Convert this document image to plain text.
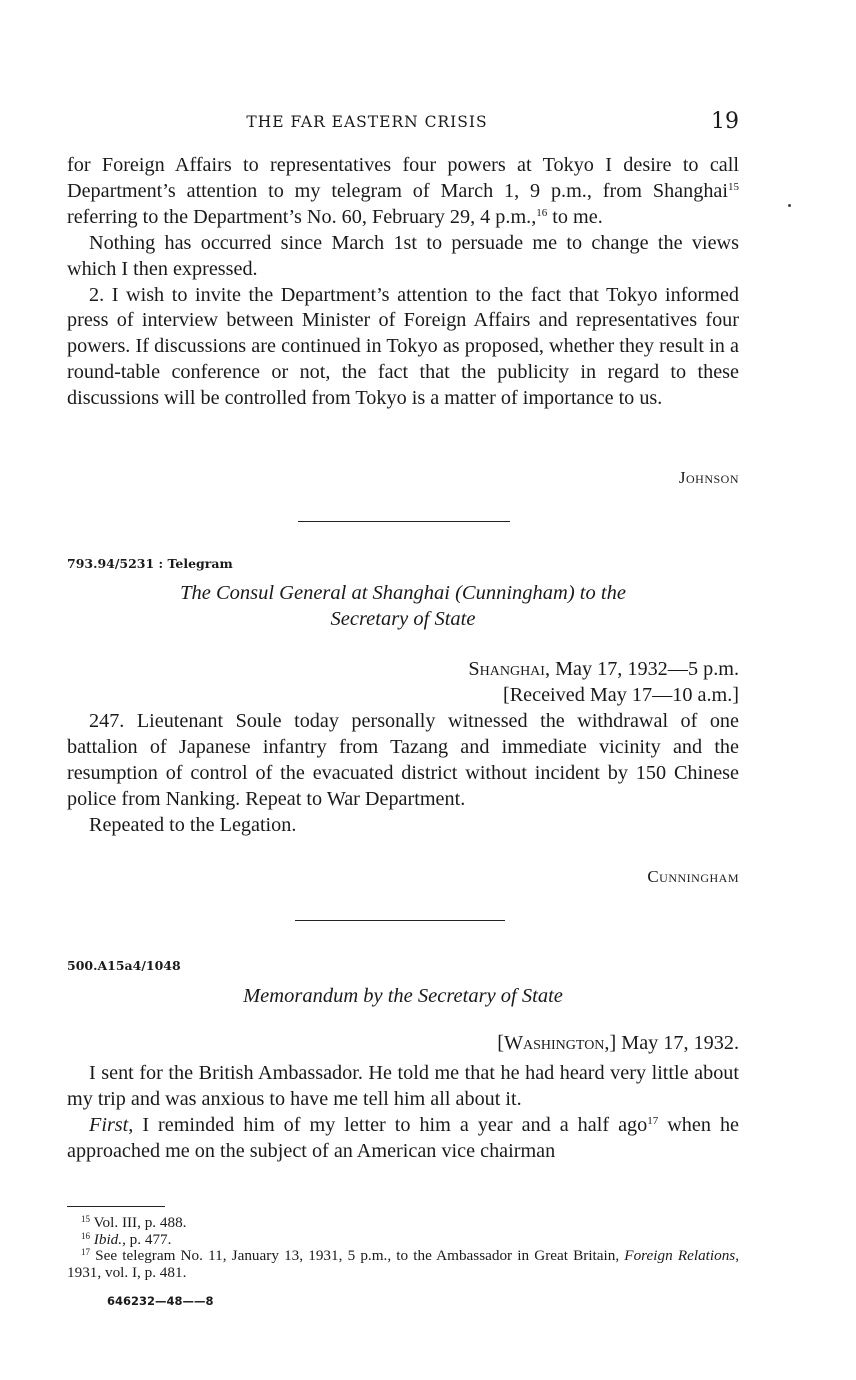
THE FAR EASTERN CRISIS	19

for Foreign Affairs to representatives four powers at Tokyo I desire to call Department’s attention to my telegram of March 1, 9 p.m., from Shanghai$^{15}$ referring to the Department’s No. 60, February 29, 4 p.m.,$^{16}$ to me.

Nothing has occurred since March 1st to persuade me to change the views which I then expressed.

2. I wish to invite the Department’s attention to the fact that Tokyo informed press of interview between Minister of Foreign Affairs and representatives four powers. If discussions are continued in Tokyo as proposed, whether they result in a round-table conference or not, the fact that the publicity in regard to these discussions will be controlled from Tokyo is a matter of importance to us.

Johnson
793.94/5231 : Telegram
The Consul General at Shanghai (Cunningham) to the
Secretary of State
Shanghai, May 17, 1932—5 p.m.
[Received May 17—10 a.m.]

247. Lieutenant Soule today personally witnessed the withdrawal of one battalion of Japanese infantry from Tazang and immediate vicinity and the resumption of control of the evacuated district without incident by 150 Chinese police from Nanking. Repeat to War Department.

Repeated to the Legation.

Cunningham
500.A15a4/1048
Memorandum by the Secretary of State
[Washington,] May 17, 1932.

I sent for the British Ambassador. He told me that he had heard very little about my trip and was anxious to have me tell him all about it.

First, I reminded him of my letter to him a year and a half ago$^{17}$ when he approached me on the subject of an American vice chairman

$^{15}$ Vol. III, p. 488.

$^{16}$ Ibid., p. 477.

$^{17}$ See telegram No. 11, January 13, 1931, 5 p.m., to the Ambassador in Great Britain, Foreign Relations, 1931, vol. I, p. 481.

646232—48——8
